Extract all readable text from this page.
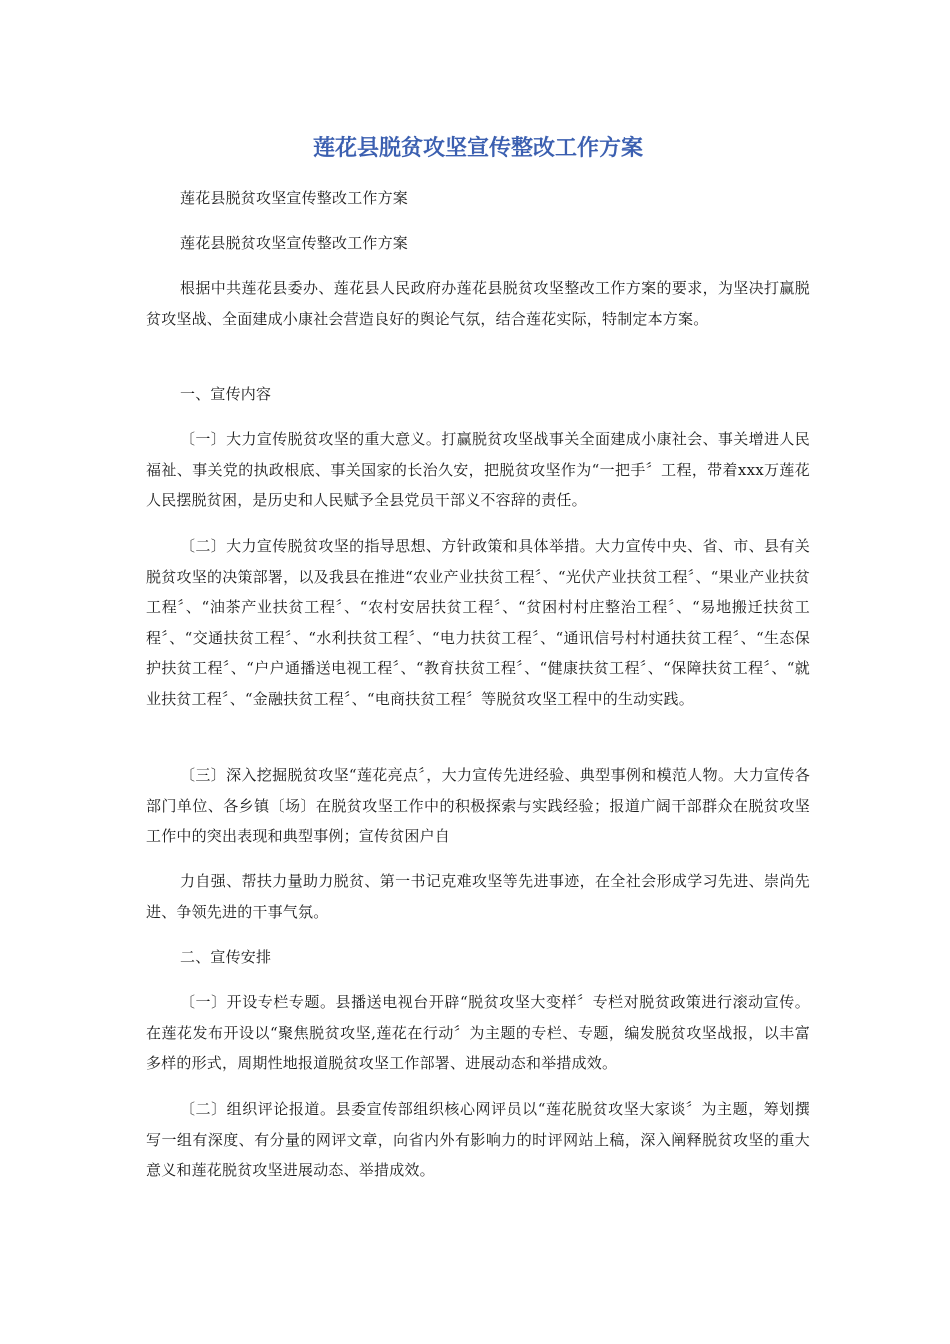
莲花县脱贫攻坚宣传整改工作方案

莲花县脱贫攻坚宣传整改工作方案

莲花县脱贫攻坚宣传整改工作方案

根据中共莲花县委办、莲花县人民政府办莲花县脱贫攻坚整改工作方案的要求，为坚决打赢脱贫攻坚战、全面建成小康社会营造良好的舆论气氛，结合莲花实际，特制定本方案。

一、宣传内容

〔一〕大力宣传脱贫攻坚的重大意义。打赢脱贫攻坚战事关全面建成小康社会、事关增进人民福祉、事关党的执政根底、事关国家的长治久安，把脱贫攻坚作为“一把手〞工程，带着xxx万莲花人民摆脱贫困，是历史和人民赋予全县党员干部义不容辞的责任。

〔二〕大力宣传脱贫攻坚的指导思想、方针政策和具体举措。大力宣传中央、省、市、县有关脱贫攻坚的决策部署，以及我县在推进“农业产业扶贫工程〞、“光伏产业扶贫工程〞、“果业产业扶贫工程〞、“油茶产业扶贫工程〞、“农村安居扶贫工程〞、“贫困村村庄整治工程〞、“易地搬迁扶贫工程〞、“交通扶贫工程〞、“水利扶贫工程〞、“电力扶贫工程〞、“通讯信号村村通扶贫工程〞、“生态保护扶贫工程〞、“户户通播送电视工程〞、“教育扶贫工程〞、“健康扶贫工程〞、“保障扶贫工程〞、“就业扶贫工程〞、“金融扶贫工程〞、“电商扶贫工程〞等脱贫攻坚工程中的生动实践。

〔三〕深入挖掘脱贫攻坚“莲花亮点〞，大力宣传先进经验、典型事例和模范人物。大力宣传各部门单位、各乡镇〔场〕在脱贫攻坚工作中的积极探索与实践经验；报道广阔干部群众在脱贫攻坚工作中的突出表现和典型事例；宣传贫困户自

力自强、帮扶力量助力脱贫、第一书记克难攻坚等先进事迹，在全社会形成学习先进、崇尚先进、争领先进的干事气氛。

二、宣传安排

〔一〕开设专栏专题。县播送电视台开辟“脱贫攻坚大变样〞专栏对脱贫政策进行滚动宣传。在莲花发布开设以“聚焦脱贫攻坚,莲花在行动〞为主题的专栏、专题，编发脱贫攻坚战报，以丰富多样的形式，周期性地报道脱贫攻坚工作部署、进展动态和举措成效。

〔二〕组织评论报道。县委宣传部组织核心网评员以“莲花脱贫攻坚大家谈〞为主题，筹划撰写一组有深度、有分量的网评文章，向省内外有影响力的时评网站上稿，深入阐释脱贫攻坚的重大意义和莲花脱贫攻坚进展动态、举措成效。
